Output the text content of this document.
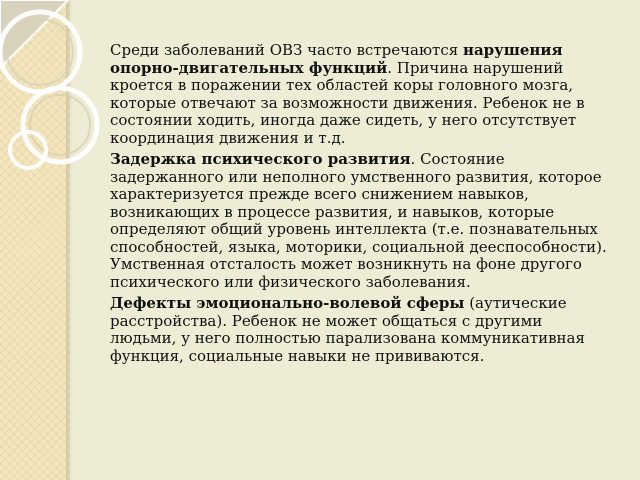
Среди заболеваний ОВЗ часто встречаются нарушения опорно-двигательных функций. Причина нарушений кроется в поражении тех областей коры головного мозга, которые отвечают за возможности движения. Ребенок не в состоянии ходить, иногда даже сидеть, у него отсутствует координация движения и т.д.

Задержка психического развития. Состояние задержанного или неполного умственного развития, которое характеризуется прежде всего снижением навыков, возникающих в процессе развития, и навыков, которые определяют общий уровень интеллекта (т.е. познавательных способностей, языка, моторики, социальной дееспособности). Умственная отсталость может возникнуть на фоне другого психического или физического заболевания.

Дефекты эмоционально-волевой сферы (аутические расстройства). Ребенок не может общаться с другими людьми, у него полностью парализована коммуникативная функция, социальные навыки не прививаются.
